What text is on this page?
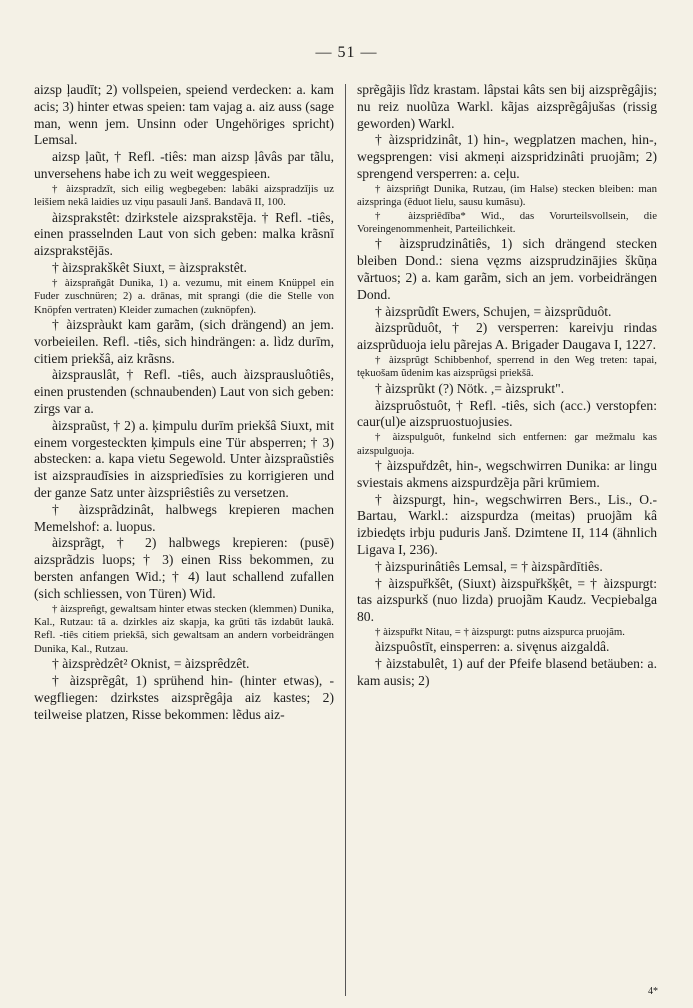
— 51 —

aizsp ļaudīt; 2) vollspeien, speiend verdecken: a. kam acis; 3) hinter etwas speien: tam vajag a. aiz auss (sage man, wenn jem. Unsinn oder Ungehöriges spricht) Lemsal.

aizsp ļaũt, † Refl. -tiês: man aizsp ļâvâs par tãlu, unversehens habe ich zu weit weggespieen.

† àizspradzīt, sich eilig wegbegeben: labâki aizspradzījis uz leišiem nekâ laidies uz viņu pasauli Janš. Bandavā II, 100.

àizsprakstêt: dzirkstele aizsprakstēja. † Refl. -tiês, einen prasselnden Laut von sich geben: malka krãsnī aizsprakstējās.

† àizsprakškêt Siuxt, = àizsprakstêt.

† àizspraňgât Dunika, 1) a. vezumu, mit einem Knüppel ein Fuder zuschnüren; 2) a. drānas, mit sprangi (die die Stelle von Knöpfen vertraten) Kleider zumachen (zuknöpfen).

† àizspràukt kam garãm, (sich drängend) an jem. vorbeieilen. Refl. -tiês, sich hindrängen: a. lìdz durīm, citiem priekšâ, aiz krãsns.

àizsprauslât, † Refl. -tiês, auch àizsprausluôtiês, einen prustenden (schnaubenden) Laut von sich geben: zirgs var a.

àizspraũst, † 2) a. ķimpulu durīm priekšâ Siuxt, mit einem vorgesteckten ķimpuls eine Tür absperren; † 3) abstecken: a. kapa vietu Segewold. Unter àizspraũstiês ist aizspraudīsies in aizspriedīsies zu korrigieren und der ganze Satz unter àizspriêstiês zu versetzen.

† àizsprãdzinât, halbwegs krepieren machen Memelshof: a. luopus.

àizsprãgt, † 2) halbwegs krepieren: (pusē) aizsprãdzis luops; † 3) einen Riss bekommen, zu bersten anfangen Wid.; † 4) laut schallend zufallen (sich schliessen, von Türen) Wid.

† àizspreñgt, gewaltsam hinter etwas stecken (klemmen) Dunika, Kal., Rutzau: tâ a. dzirkles aiz skapja, ka grūti tās izdabūt laukâ. Refl. -tiês citiem priekšâ, sich gewaltsam an andern vorbeidrängen Dunika, Kal., Rutzau.

† àizsprèdzêt² Oknist, = àizsprêdzêt.

† àizsprẽgât, 1) sprühend hin- (hinter etwas), -wegfliegen: dzirkstes aizsprẽgâja aiz kastes; 2) teilweise platzen, Risse bekommen: lẽdus aiz-

sprẽgãjis lîdz krastam. lâpstai kâts sen bij aizsprẽgâjis; nu reiz nuolũza Warkl. kãjas aizsprẽgâjušas (rissig geworden) Warkl.

† àizspridzinât, 1) hin-, wegplatzen machen, hin-, wegsprengen: visi akmeņi aizspridzinâti pruojãm; 2) sprengend versperren: a. ceļu.

† àizspriñgt Dunika, Rutzau, (im Halse) stecken bleiben: man aizspringa (ẽduot lielu, sausu kumãsu).

† àizspriêdība* Wid., das Vorurteilsvollsein, die Voreingenommenheit, Parteilichkeit.

† àizsprudzinâtiês, 1) sich drängend stecken bleiben Dond.: siena vęzms aizsprudzinājies škũņa vãrtuos; 2) a. kam garãm, sich an jem. vorbeidrängen Dond.

† àizsprũdît Ewers, Schujen, = àizsprũduôt.

àizsprũduôt, † 2) versperren: kareivju rindas aizsprũduoja ielu pãrejas A. Brigader Daugava I, 1227.

† àizsprũgt Schibbenhof, sperrend in den Weg treten: tapai, tękuošam ũdenim kas aizsprũgsi priekšâ.

† àizsprũkt (?) Nötk. ,= àizsprukt".

àizspruôstuôt, † Refl. -tiês, sich (acc.) verstopfen: caur(ul)e aizspruostuojusies.

† àizspulguôt, funkelnd sich entfernen: gar mežmalu kas aizspulguoja.

† àizspuřdzêt, hin-, wegschwirren Dunika: ar lingu sviestais akmens aizspurdzẽja pãri krūmiem.

† àizspurgt, hin-, wegschwirren Bers., Lis., O.-Bartau, Warkl.: aizspurdza (meitas) pruojãm kâ izbiedęts irbju puduris Janš. Dzimtene II, 114 (ähnlich Ligava I, 236).

† àizspurinâtiês Lemsal, = † àizspãrdītiês.

† àizspuřkšêt, (Siuxt) àizspuřkšķêt, = † àizspurgt: tas aizspurkš (nuo lizda) pruojãm Kaudz. Vecpiebalga 80.

† àizspuřkt Nitau, = † àizspurgt: putns aizspurca pruojãm.

àizspuôstīt, einsperren: a. sivęnus aizgaldâ.

† àizstabulêt, 1) auf der Pfeife blasend betäuben: a. kam ausis; 2)

4*
